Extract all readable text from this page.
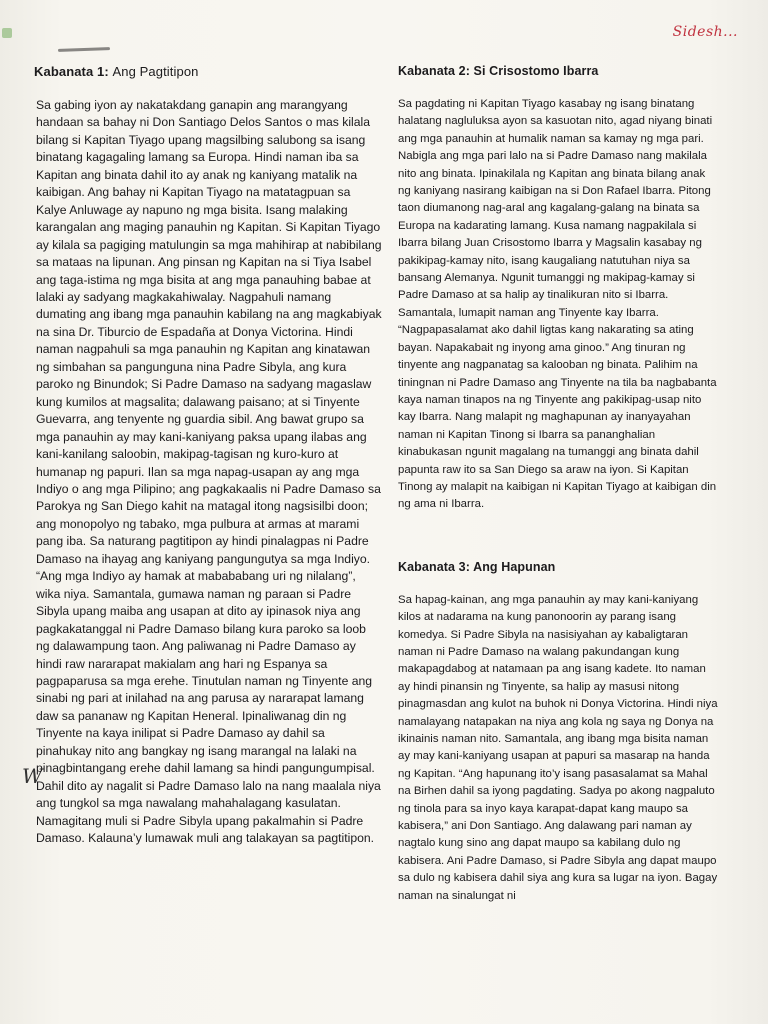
Sidesh...
W
Kabanata 1: Ang Pagtitipon

Sa gabing iyon ay nakatakdang ganapin ang marangyang handaan sa bahay ni Don Santiago Delos Santos o mas kilala bilang si Kapitan Tiyago upang magsilbing salubong sa isang binatang kagagaling lamang sa Europa. Hindi naman iba sa Kapitan ang binata dahil ito ay anak ng kaniyang matalik na kaibigan. Ang bahay ni Kapitan Tiyago na matatagpuan sa Kalye Anluwage ay napuno ng mga bisita. Isang malaking karangalan ang maging panauhin ng Kapitan. Si Kapitan Tiyago ay kilala sa pagiging matulungin sa mga mahihirap at nabibilang sa mataas na lipunan. Ang pinsan ng Kapitan na si Tiya Isabel ang taga-istima ng mga bisita at ang mga panauhing babae at lalaki ay sadyang magkakahiwalay. Nagpahuli namang dumating ang ibang mga panauhin kabilang na ang magkabiyak na sina Dr. Tiburcio de Espadaña at Donya Victorina. Hindi naman nagpahuli sa mga panauhin ng Kapitan ang kinatawan ng simbahan sa pangunguna nina Padre Sibyla, ang kura paroko ng Binundok; Si Padre Damaso na sadyang magaslaw kung kumilos at magsalita; dalawang paisano; at si Tinyente Guevarra, ang tenyente ng guardia sibil. Ang bawat grupo sa mga panauhin ay may kani-kaniyang paksa upang ilabas ang kani-kanilang saloobin, makipag-tagisan ng kuro-kuro at humanap ng papuri. Ilan sa mga napag-usapan ay ang mga Indiyo o ang mga Pilipino; ang pagkakaalis ni Padre Damaso sa Parokya ng San Diego kahit na matagal itong nagsisilbi doon; ang monopolyo ng tabako, mga pulbura at armas at marami pang iba. Sa naturang pagtitipon ay hindi pinalagpas ni Padre Damaso na ihayag ang kaniyang pangungutya sa mga Indiyo. “Ang mga Indiyo ay hamak at mabababang uri ng nilalang”, wika niya. Samantala, gumawa naman ng paraan si Padre Sibyla upang maiba ang usapan at dito ay ipinasok niya ang pagkakatanggal ni Padre Damaso bilang kura paroko sa loob ng dalawampung taon. Ang paliwanag ni Padre Damaso ay hindi raw nararapat makialam ang hari ng Espanya sa pagpaparusa sa mga erehe. Tinutulan naman ng Tinyente ang sinabi ng pari at inilahad na ang parusa ay nararapat lamang daw sa pananaw ng Kapitan Heneral. Ipinaliwanag din ng Tinyente na kaya inilipat si Padre Damaso ay dahil sa pinahukay nito ang bangkay ng isang marangal na lalaki na pinagbintangang erehe dahil lamang sa hindi pangungumpisal. Dahil dito ay nagalit si Padre Damaso lalo na nang maalala niya ang tungkol sa mga nawalang mahahalagang kasulatan. Namagitang muli si Padre Sibyla upang pakalmahin si Padre Damaso. Kalauna’y lumawak muli ang talakayan sa pagtitipon.

Kabanata 2: Si Crisostomo Ibarra

Sa pagdating ni Kapitan Tiyago kasabay ng isang binatang halatang nagluluksa ayon sa kasuotan nito, agad niyang binati ang mga panauhin at humalik naman sa kamay ng mga pari. Nabigla ang mga pari lalo na si Padre Damaso nang makilala nito ang binata. Ipinakilala ng Kapitan ang binata bilang anak ng kaniyang nasirang kaibigan na si Don Rafael Ibarra. Pitong taon diumanong nag-aral ang kagalang-galang na binata sa Europa na kadarating lamang. Kusa namang nagpakilala si Ibarra bilang Juan Crisostomo Ibarra y Magsalin kasabay ng pakikipag-kamay nito, isang kaugaliang natutuhan niya sa bansang Alemanya. Ngunit tumanggi ng makipag-kamay si Padre Damaso at sa halip ay tinalikuran nito si Ibarra. Samantala, lumapit naman ang Tinyente kay Ibarra. “Nagpapasalamat ako dahil ligtas kang nakarating sa ating bayan. Napakabait ng inyong ama ginoo.” Ang tinuran ng tinyente ang nagpanatag sa kalooban ng binata. Palihim na tiningnan ni Padre Damaso ang Tinyente na tila ba nagbabanta kaya naman tinapos na ng Tinyente ang pakikipag-usap nito kay Ibarra. Nang malapit ng maghapunan ay inanyayahan naman ni Kapitan Tinong si Ibarra sa pananghalian kinabukasan ngunit magalang na tumanggi ang binata dahil papunta raw ito sa San Diego sa araw na iyon. Si Kapitan Tinong ay malapit na kaibigan ni Kapitan Tiyago at kaibigan din ng ama ni Ibarra.

Kabanata 3: Ang Hapunan

Sa hapag-kainan, ang mga panauhin ay may kani-kaniyang kilos at nadarama na kung panonoorin ay parang isang komedya. Si Padre Sibyla na nasisiyahan ay kabaligtaran naman ni Padre Damaso na walang pakundangan kung makapagdabog at natamaan pa ang isang kadete. Ito naman ay hindi pinansin ng Tinyente, sa halip ay masusi nitong pinagmasdan ang kulot na buhok ni Donya Victorina. Hindi niya namalayang natapakan na niya ang kola ng saya ng Donya na ikinainis naman nito. Samantala, ang ibang mga bisita naman ay may kani-kaniyang usapan at papuri sa masarap na handa ng Kapitan. “Ang hapunang ito’y isang pasasalamat sa Mahal na Birhen dahil sa iyong pagdating. Sadya po akong nagpaluto ng tinola para sa inyo kaya karapat-dapat kang maupo sa kabisera,” ani Don Santiago. Ang dalawang pari naman ay nagtalo kung sino ang dapat maupo sa kabilang dulo ng kabisera. Ani Padre Damaso, si Padre Sibyla ang dapat maupo sa dulo ng kabisera dahil siya ang kura sa lugar na iyon. Bagay naman na sinalungat ni
